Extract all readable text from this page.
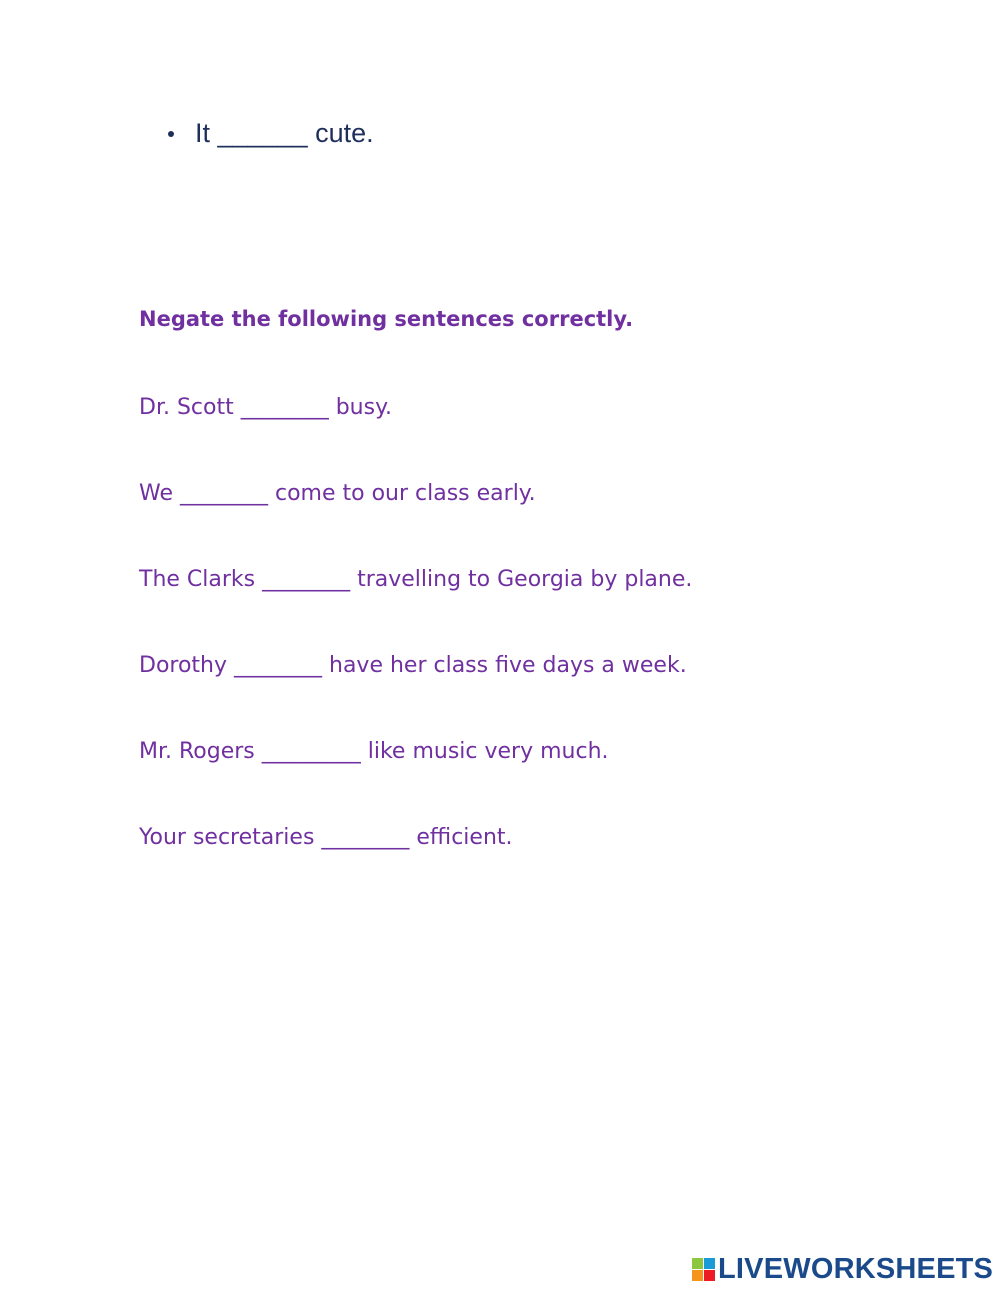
It ______ cute.
Negate the following sentences correctly.
Dr. Scott ________ busy.
We ________ come to our class early.
The Clarks ________ travelling to Georgia by plane.
Dorothy ________ have her class five days a week.
Mr. Rogers _________ like music very much.
Your secretaries ________ efficient.
LIVEWORKSHEETS
